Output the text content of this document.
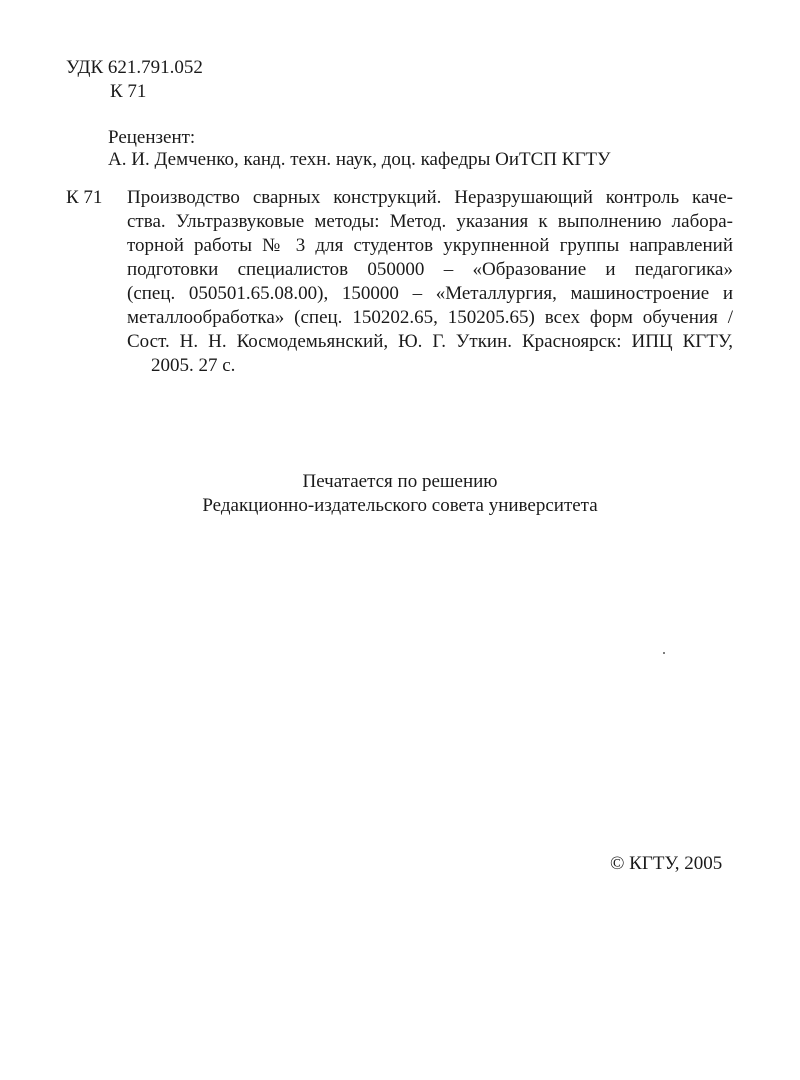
УДК 621.791.052
К 71
Рецензент:
А. И. Демченко, канд. техн. наук, доц. кафедры ОиТСП КГТУ
К 71 Производство сварных конструкций. Неразрушающий контроль каче-
ства. Ультразвуковые методы: Метод. указания к выполнению лабора-
торной работы № 3 для студентов укрупненной группы направлений
подготовки специалистов 050000 – «Образование и педагогика»
(спец. 050501.65.08.00), 150000 – «Металлургия, машиностроение и
металлообработка» (спец. 150202.65, 150205.65) всех форм обучения /
Сост. Н. Н. Космодемьянский, Ю. Г. Уткин. Красноярск: ИПЦ КГТУ,
2005. 27 с.
Печатается по решению
Редакционно-издательского совета университета
© КГТУ, 2005
